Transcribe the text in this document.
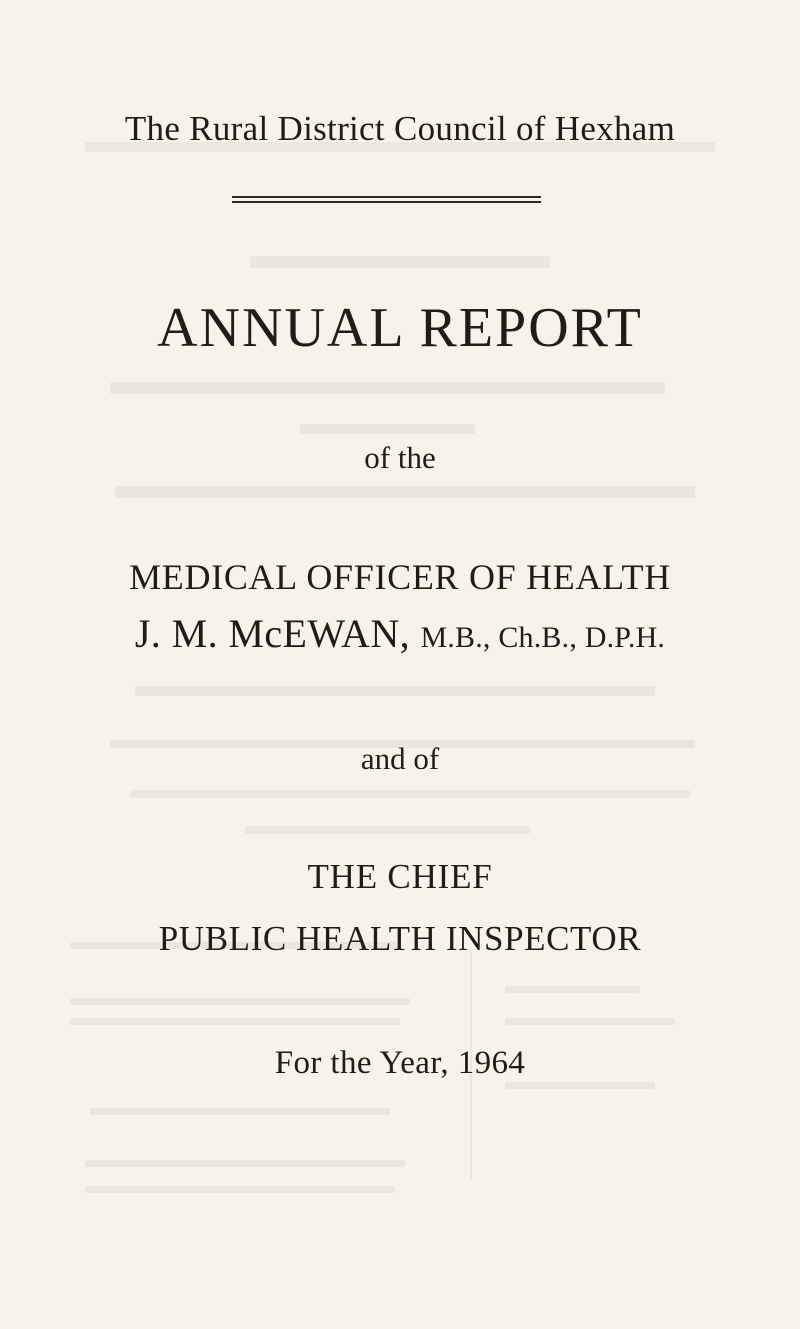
The Rural District Council of Hexham
ANNUAL REPORT
of the
MEDICAL OFFICER OF HEALTH
J. M. McEWAN, M.B., Ch.B., D.P.H.
and of
THE CHIEF
PUBLIC HEALTH INSPECTOR
For the Year, 1964
